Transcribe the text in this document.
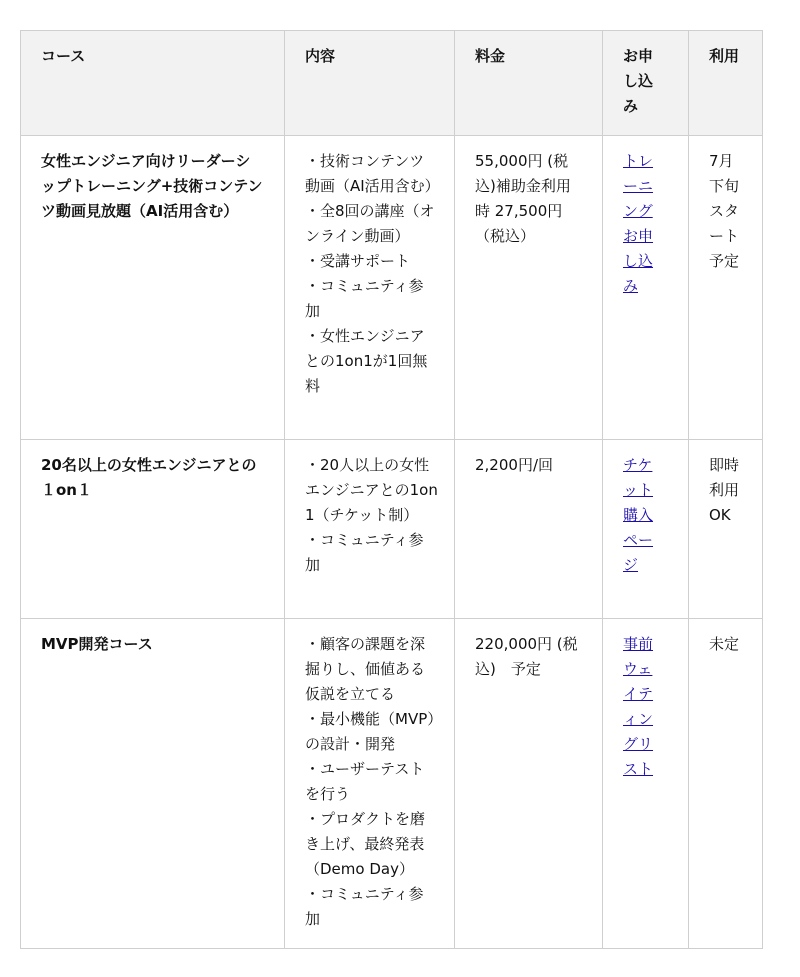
コース	内容	料金	お申し込み	利用
女性エンジニア向けリーダーシップトレーニング+技術コンテンツ動画見放題（AI活用含む）	・技術コンテンツ動画（AI活用含む）
・全8回の講座（オンライン動画）
・受講サポート
・コミュニティ参加
・女性エンジニアとの1on1が1回無料	55,000円 (税込)補助金利用時 27,500円（税込）	トレーニングお申し込み	7月下旬スタート予定
20名以上の女性エンジニアとの１on１	・20人以上の女性エンジニアとの1on1（チケット制）
・コミュニティ参加	2,200円/回	チケット購入ページ	即時利用OK
MVP開発コース	・顧客の課題を深掘りし、価値ある仮説を立てる
・最小機能（MVP）の設計・開発
・ユーザーテストを行う
・プロダクトを磨き上げ、最終発表（Demo Day）
・コミュニティ参加	220,000円 (税込)　予定	事前ウェイティングリスト	未定
